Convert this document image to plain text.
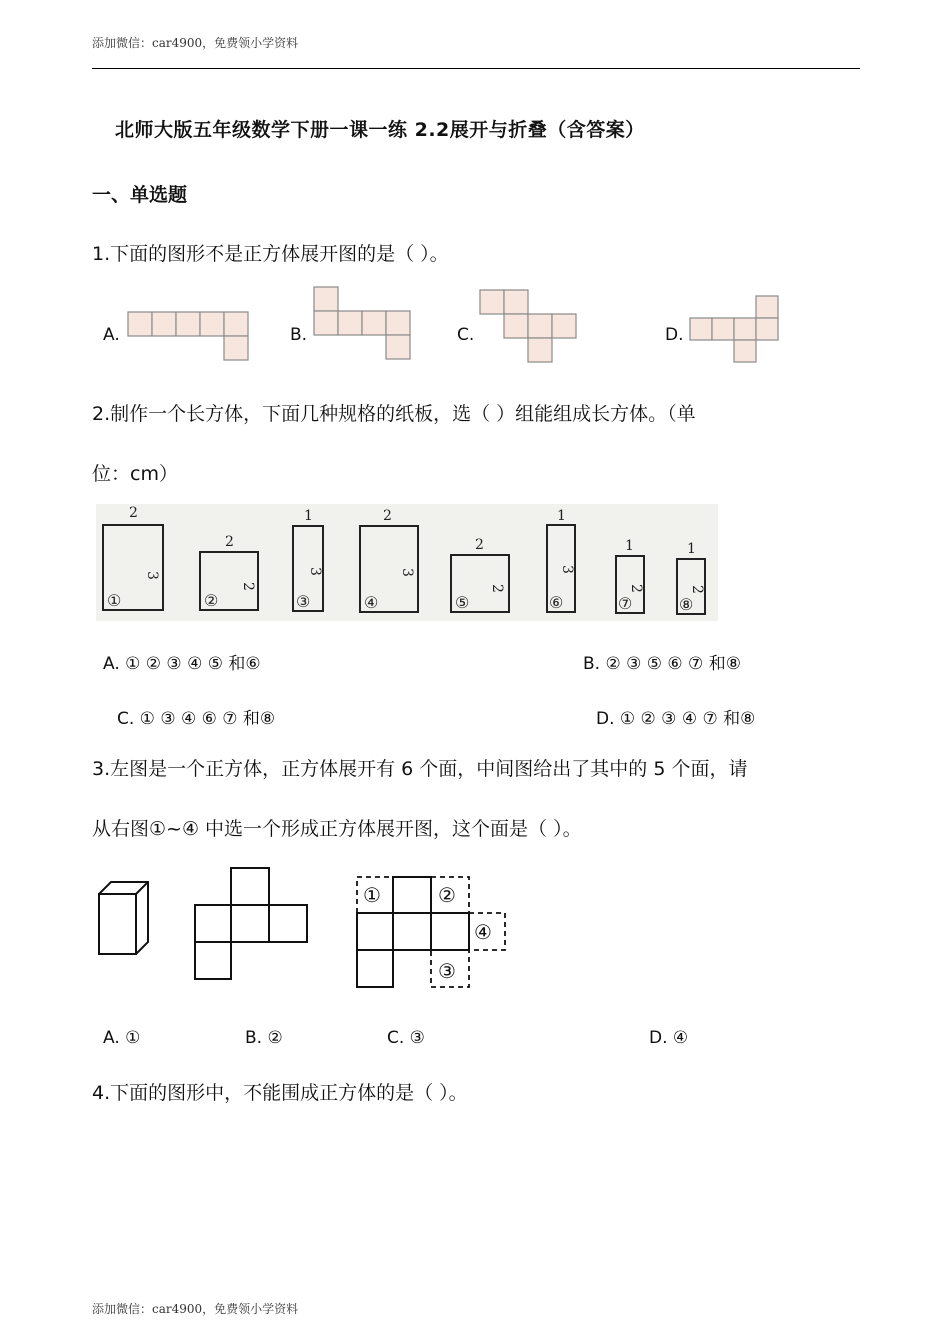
添加微信：car4900，免费领小学资料
北师大版五年级数学下册一课一练 2.2展开与折叠（含答案）
一、单选题
1.下面的图形不是正方体展开图的是（ ）。
A.	B.	C.	D.
2.制作一个长方体，下面几种规格的纸板，选（ ）组能组成长方体。（单
位：cm）
2
3
①
2
2
②
1
3
③
2
3
④
2
2
⑤
1
3
⑥
1
2
⑦
1
2
⑧
A. ① ② ③ ④ ⑤ 和⑥	B. ② ③ ⑤ ⑥ ⑦ 和⑧
C. ① ③ ④ ⑥ ⑦ 和⑧	D. ① ② ③ ④ ⑦ 和⑧
3.左图是一个正方体，正方体展开有 6 个面，中间图给出了其中的 5 个面，请
从右图①~④ 中选一个形成正方体展开图，这个面是（ ）。
①	②
③
④
A. ①	B. ②	C. ③	D. ④
4.下面的图形中，不能围成正方体的是（ ）。
添加微信：car4900，免费领小学资料
